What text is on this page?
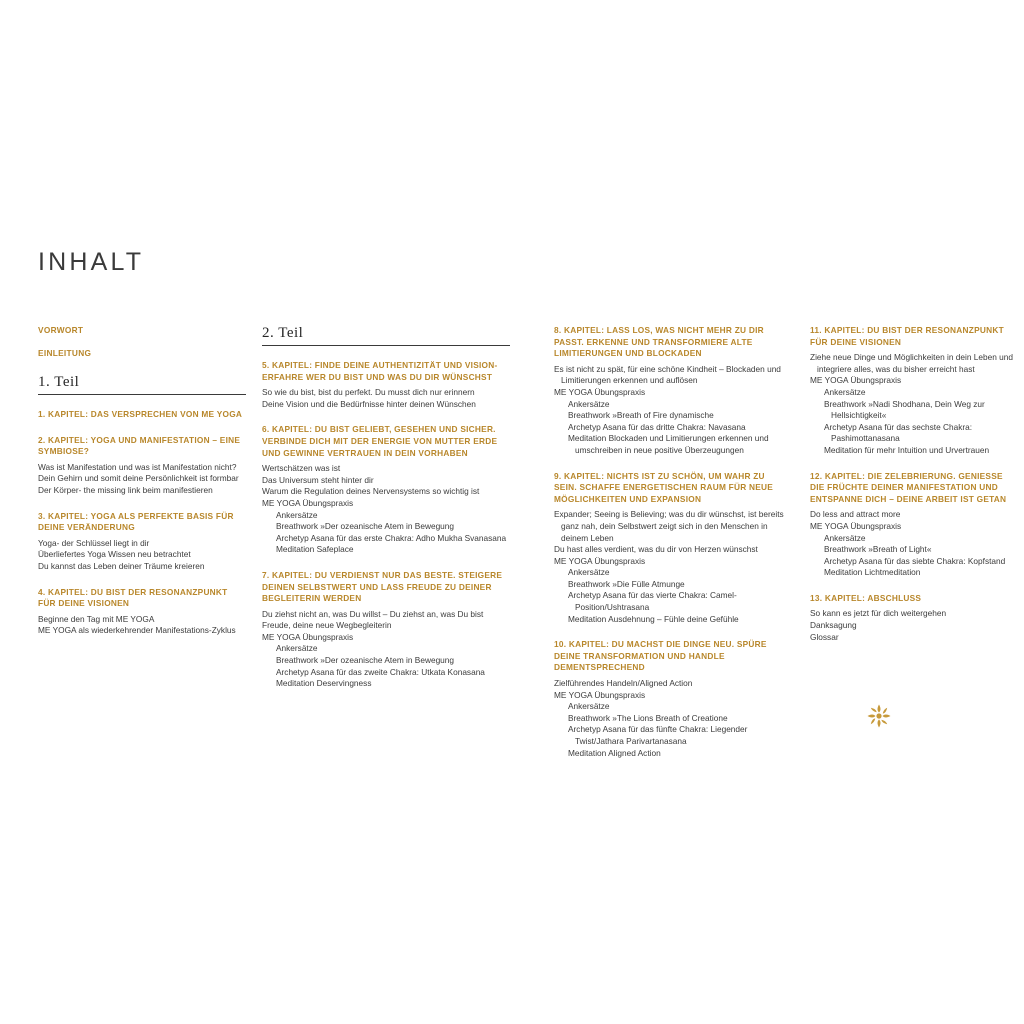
INHALT
VORWORT
EINLEITUNG
1. Teil
1. KAPITEL: DAS VERSPRECHEN VON ME YOGA
2. KAPITEL: YOGA UND MANIFESTATION – EINE SYMBIOSE?
Was ist Manifestation und was ist Manifestation nicht?
Dein Gehirn und somit deine Persönlichkeit ist formbar
Der Körper- the missing link beim manifestieren
3. KAPITEL: YOGA ALS PERFEKTE BASIS FÜR DEINE VERÄNDERUNG
Yoga- der Schlüssel liegt in dir
Überliefertes Yoga Wissen neu betrachtet
Du kannst das Leben deiner Träume kreieren
4. KAPITEL: DU BIST DER RESONANZPUNKT FÜR DEINE VISIONEN
Beginne den Tag mit ME YOGA
ME YOGA als wiederkehrender Manifestations-Zyklus
2. Teil
5. KAPITEL: FINDE DEINE AUTHENTIZITÄT UND VISION- ERFAHRE WER DU BIST UND WAS DU DIR WÜNSCHST
So wie du bist, bist du perfekt. Du musst dich nur erinnern
Deine Vision und die Bedürfnisse hinter deinen Wünschen
6. KAPITEL: DU BIST GELIEBT, GESEHEN UND SICHER. VERBINDE DICH MIT DER ENERGIE VON MUTTER ERDE UND GEWINNE VERTRAUEN IN DEIN VORHABEN
Wertschätzen was ist
Das Universum steht hinter dir
Warum die Regulation deines Nervensystems so wichtig ist
ME YOGA Übungspraxis
Ankersätze
Breathwork »Der ozeanische Atem in Bewegung
Archetyp Asana für das erste Chakra: Adho Mukha Svanasana
Meditation Safeplace
7. KAPITEL: DU VERDIENST NUR DAS BESTE. STEIGERE DEINEN SELBSTWERT UND LASS FREUDE ZU DEINER BEGLEITERIN WERDEN
Du ziehst nicht an, was Du willst – Du ziehst an, was Du bist
Freude, deine neue Wegbegleiterin
ME YOGA Übungspraxis
Ankersätze
Breathwork »Der ozeanische Atem in Bewegung
Archetyp Asana für das zweite Chakra: Utkata Konasana
Meditation Deservingness
8. KAPITEL: LASS LOS, WAS NICHT MEHR ZU DIR PASST. ERKENNE UND TRANSFORMIERE ALTE LIMITIERUNGEN UND BLOCKADEN
Es ist nicht zu spät, für eine schöne Kindheit – Blockaden und Limitierungen erkennen und auflösen
ME YOGA Übungspraxis
Ankersätze
Breathwork »Breath of Fire dynamische
Archetyp Asana für das dritte Chakra: Navasana
Meditation Blockaden und Limitierungen erkennen und umschreiben in neue positive Überzeugungen
9. KAPITEL: NICHTS IST ZU SCHÖN, UM WAHR ZU SEIN. SCHAFFE ENERGETISCHEN RAUM FÜR NEUE MÖGLICHKEITEN UND EXPANSION
Expander; Seeing is Believing; was du dir wünschst, ist bereits ganz nah, dein Selbstwert zeigt sich in den Menschen in deinem Leben
Du hast alles verdient, was du dir von Herzen wünschst
ME YOGA Übungspraxis
Ankersätze
Breathwork »Die Fülle Atmunge
Archetyp Asana für das vierte Chakra: Camel-Position/Ushtrasana
Meditation Ausdehnung – Fühle deine Gefühle
10. KAPITEL: DU MACHST DIE DINGE NEU. SPÜRE DEINE TRANSFORMATION UND HANDLE DEMENTSPRECHEND
Zielführendes Handeln/Aligned Action
ME YOGA Übungspraxis
Ankersätze
Breathwork »The Lions Breath of Creatione
Archetyp Asana für das fünfte Chakra: Liegender Twist/Jathara Parivartanasana
Meditation Aligned Action
11. KAPITEL: DU BIST DER RESONANZPUNKT FÜR DEINE VISIONEN
Ziehe neue Dinge und Möglichkeiten in dein Leben und integriere alles, was du bisher erreicht hast
ME YOGA Übungspraxis
Ankersätze
Breathwork »Nadi Shodhana, Dein Weg zur Hellsichtigkeit«
Archetyp Asana für das sechste Chakra: Pashimottanasana
Meditation für mehr Intuition und Urvertrauen
12. KAPITEL: DIE ZELEBRIERUNG. GENIESSE DIE FRÜCHTE DEINER MANIFESTATION UND ENTSPANNE DICH – DEINE ARBEIT IST GETAN
Do less and attract more
ME YOGA Übungspraxis
Ankersätze
Breathwork »Breath of Light«
Archetyp Asana für das siebte Chakra: Kopfstand
Meditation Lichtmeditation
13. KAPITEL: ABSCHLUSS
So kann es jetzt für dich weitergehen
Danksagung
Glossar
